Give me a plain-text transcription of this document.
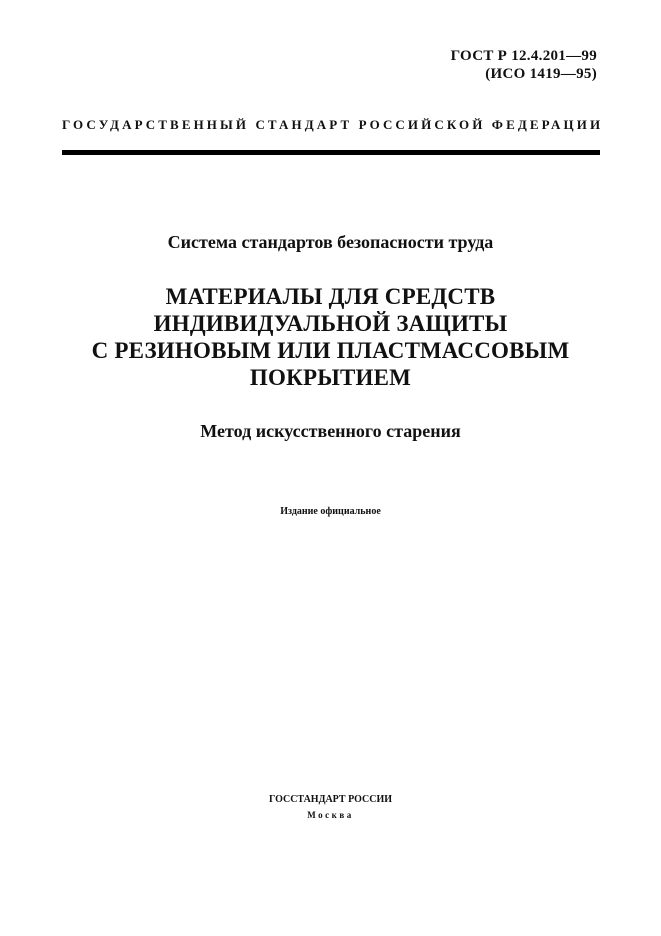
ГОСТ Р 12.4.201—99
(ИСО 1419—95)
ГОСУДАРСТВЕННЫЙ СТАНДАРТ РОССИЙСКОЙ ФЕДЕРАЦИИ
Система стандартов безопасности труда
МАТЕРИАЛЫ ДЛЯ СРЕДСТВ
ИНДИВИДУАЛЬНОЙ ЗАЩИТЫ
С РЕЗИНОВЫМ ИЛИ ПЛАСТМАССОВЫМ
ПОКРЫТИЕМ
Метод искусственного старения
Издание официальное
ГОССТАНДАРТ РОССИИ
Москва
